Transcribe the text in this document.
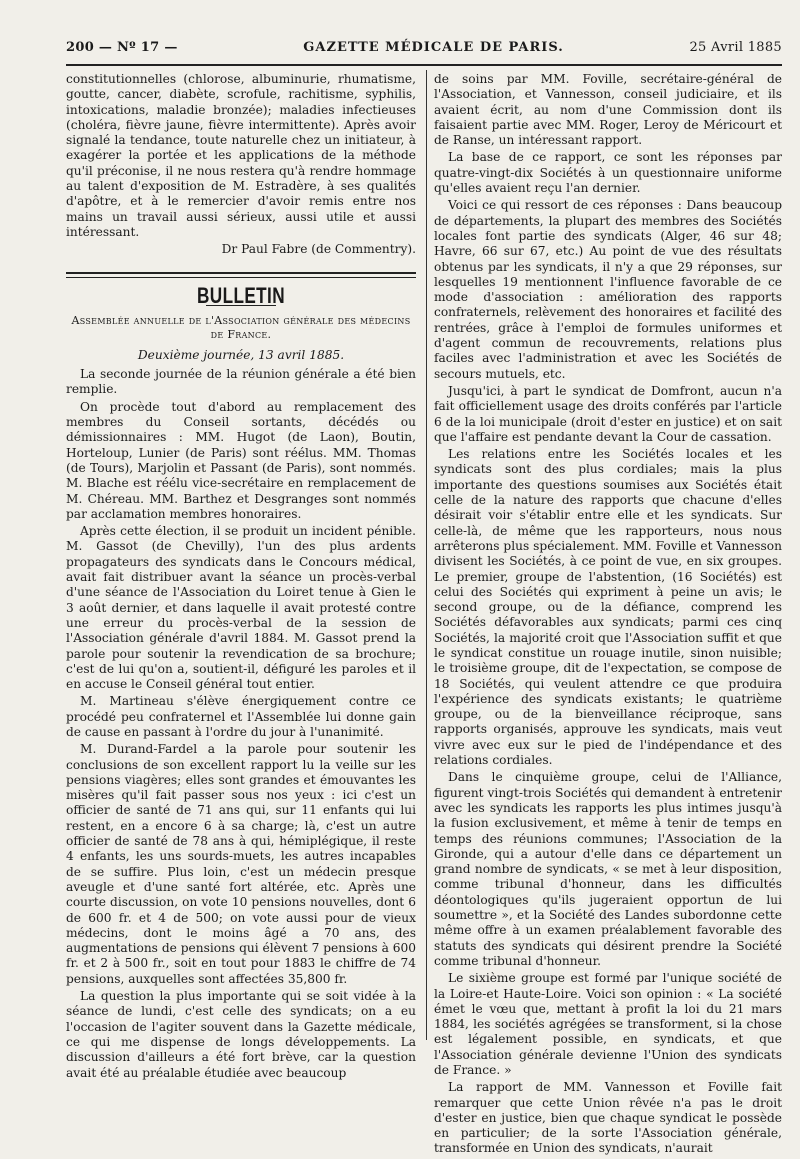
200 — Nº 17 —	GAZETTE MÉDICALE DE PARIS.	25 Avril 1885

constitutionnelles (chlorose, albuminurie, rhumatisme, goutte, cancer, diabète, scrofule, rachitisme, syphilis, intoxications, maladie bronzée); maladies infectieuses (choléra, fièvre jaune, fièvre intermittente). Après avoir signalé la tendance, toute naturelle chez un initiateur, à exagérer la portée et les applications de la méthode qu'il préconise, il ne nous restera qu'à rendre hommage au talent d'exposition de M. Estradère, à ses qualités d'apôtre, et à le remercier d'avoir remis entre nos mains un travail aussi sérieux, aussi utile et aussi intéressant.

Dr Paul Fabre (de Commentry).

BULLETIN
Assemblée annuelle de l'Association générale des médecins de France.
Deuxième journée, 13 avril 1885.

La seconde journée de la réunion générale a été bien remplie.

On procède tout d'abord au remplacement des membres du Conseil sortants, décédés ou démissionnaires : MM. Hugot (de Laon), Boutin, Horteloup, Lunier (de Paris) sont réélus. MM. Thomas (de Tours), Marjolin et Passant (de Paris), sont nommés. M. Blache est réélu vice-secrétaire en remplacement de M. Chéreau. MM. Barthez et Desgranges sont nommés par acclamation membres honoraires.

Après cette élection, il se produit un incident pénible. M. Gassot (de Chevilly), l'un des plus ardents propagateurs des syndicats dans le Concours médical, avait fait distribuer avant la séance un procès-verbal d'une séance de l'Association du Loiret tenue à Gien le 3 août dernier, et dans laquelle il avait protesté contre une erreur du procès-verbal de la session de l'Association générale d'avril 1884. M. Gassot prend la parole pour soutenir la revendication de sa brochure; c'est de lui qu'on a, soutient-il, défiguré les paroles et il en accuse le Conseil général tout entier.

M. Martineau s'élève énergiquement contre ce procédé peu confraternel et l'Assemblée lui donne gain de cause en passant à l'ordre du jour à l'unanimité.

M. Durand-Fardel a la parole pour soutenir les conclusions de son excellent rapport lu la veille sur les pensions viagères; elles sont grandes et émouvantes les misères qu'il fait passer sous nos yeux : ici c'est un officier de santé de 71 ans qui, sur 11 enfants qui lui restent, en a encore 6 à sa charge; là, c'est un autre officier de santé de 78 ans à qui, hémiplégique, il reste 4 enfants, les uns sourds-muets, les autres incapables de se suffire. Plus loin, c'est un médecin presque aveugle et d'une santé fort altérée, etc. Après une courte discussion, on vote 10 pensions nouvelles, dont 6 de 600 fr. et 4 de 500; on vote aussi pour de vieux médecins, dont le moins âgé a 70 ans, des augmentations de pensions qui élèvent 7 pensions à 600 fr. et 2 à 500 fr., soit en tout pour 1883 le chiffre de 74 pensions, auxquelles sont affectées 35,800 fr.

La question la plus importante qui se soit vidée à la séance de lundi, c'est celle des syndicats; on a eu l'occasion de l'agiter souvent dans la Gazette médicale, ce qui me dispense de longs développements. La discussion d'ailleurs a été fort brève, car la question avait été au préalable étudiée avec beaucoup

de soins par MM. Foville, secrétaire-général de l'Association, et Vannesson, conseil judiciaire, et ils avaient écrit, au nom d'une Commission dont ils faisaient partie avec MM. Roger, Leroy de Méricourt et de Ranse, un intéressant rapport.

La base de ce rapport, ce sont les réponses par quatre-vingt-dix Sociétés à un questionnaire uniforme qu'elles avaient reçu l'an dernier.

Voici ce qui ressort de ces réponses : Dans beaucoup de départements, la plupart des membres des Sociétés locales font partie des syndicats (Alger, 46 sur 48; Havre, 66 sur 67, etc.) Au point de vue des résultats obtenus par les syndicats, il n'y a que 29 réponses, sur lesquelles 19 mentionnent l'influence favorable de ce mode d'association : amélioration des rapports confraternels, relèvement des honoraires et facilité des rentrées, grâce à l'emploi de formules uniformes et d'agent commun de recouvrements, relations plus faciles avec l'administration et avec les Sociétés de secours mutuels, etc.

Jusqu'ici, à part le syndicat de Domfront, aucun n'a fait officiellement usage des droits conférés par l'article 6 de la loi municipale (droit d'ester en justice) et on sait que l'affaire est pendante devant la Cour de cassation.

Les relations entre les Sociétés locales et les syndicats sont des plus cordiales; mais la plus importante des questions soumises aux Sociétés était celle de la nature des rapports que chacune d'elles désirait voir s'établir entre elle et les syndicats. Sur celle-là, de même que les rapporteurs, nous nous arrêterons plus spécialement. MM. Foville et Vannesson divisent les Sociétés, à ce point de vue, en six groupes. Le premier, groupe de l'abstention, (16 Sociétés) est celui des Sociétés qui expriment à peine un avis; le second groupe, ou de la défiance, comprend les Sociétés défavorables aux syndicats; parmi ces cinq Sociétés, la majorité croit que l'Association suffit et que le syndicat constitue un rouage inutile, sinon nuisible; le troisième groupe, dit de l'expectation, se compose de 18 Sociétés, qui veulent attendre ce que produira l'expérience des syndicats existants; le quatrième groupe, ou de la bienveillance réciproque, sans rapports organisés, approuve les syndicats, mais veut vivre avec eux sur le pied de l'indépendance et des relations cordiales.

Dans le cinquième groupe, celui de l'Alliance, figurent vingt-trois Sociétés qui demandent à entretenir avec les syndicats les rapports les plus intimes jusqu'à la fusion exclusivement, et même à tenir de temps en temps des réunions communes; l'Association de la Gironde, qui a autour d'elle dans ce département un grand nombre de syndicats, « se met à leur disposition, comme tribunal d'honneur, dans les difficultés déontologiques qu'ils jugeraient opportun de lui soumettre », et la Société des Landes subordonne cette même offre à un examen préalablement favorable des statuts des syndicats qui désirent prendre la Société comme tribunal d'honneur.

Le sixième groupe est formé par l'unique société de la Loire-et Haute-Loire. Voici son opinion : « La société émet le vœu que, mettant à profit la loi du 21 mars 1884, les sociétés agrégées se transforment, si la chose est légalement possible, en syndicats, et que l'Association générale devienne l'Union des syndicats de France. »

La rapport de MM. Vannesson et Foville fait remarquer que cette Union rêvée n'a pas le droit d'ester en justice, bien que chaque syndicat le possède en particulier; de la sorte l'Association générale, transformée en Union des syndicats, n'aurait
